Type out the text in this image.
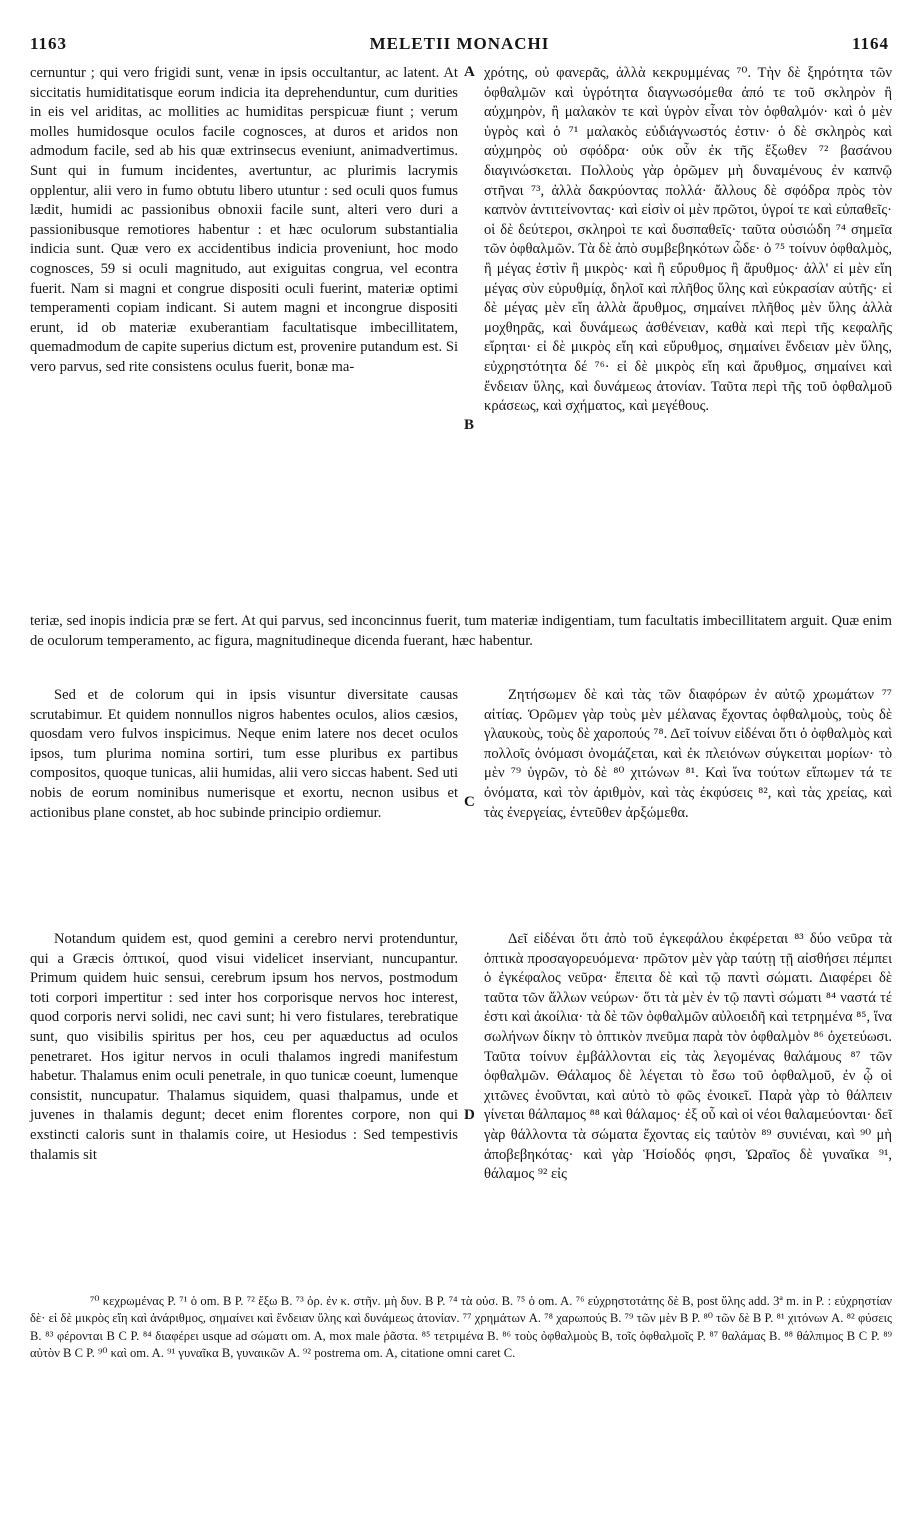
1163	MELETII MONACHI	1164

cernuntur ; qui vero frigidi sunt, venæ in ipsis occultantur, ac latent. At siccitatis humiditatisque eorum indicia ita deprehenduntur, cum durities in eis vel ariditas, ac mollities ac humiditas perspicuæ fiunt ; verum molles humidosque oculos facile cognosces, at duros et aridos non admodum facile, sed ab his quæ extrinsecus eveniunt, animadvertimus. Sunt qui in fumum incidentes, avertuntur, ac plurimis lacrymis opplentur, alii vero in fumo obtutu libero utuntur : sed oculi quos fumus lædit, humidi ac passionibus obnoxii facile sunt, alteri vero duri a passionibusque remotiores habentur : et hæc oculorum substantialia indicia sunt. Quæ vero ex accidentibus indicia proveniunt, hoc modo cognosces, 59 si oculi magnitudo, aut exiguitas congrua, vel econtra fuerit. Nam si magni et congrue dispositi oculi fuerint, materiæ optimi temperamenti copiam indicant. Si autem magni et incongrue dispositi erunt, id ob materiæ exuberantiam facultatisque imbecillitatem, quemadmodum de capite superius dictum est, provenire putandum est. Si vero parvus, sed rite consistens oculus fuerit, bonæ ma-

χρότης, οὐ φανερᾶς, ἀλλὰ κεκρυμμένας ⁷⁰. Τὴν δὲ ξηρότητα τῶν ὀφθαλμῶν καὶ ὑγρότητα διαγνωσόμεθα ἀπό τε τοῦ σκληρὸν ἢ αὐχμηρὸν, ἢ μαλακὸν τε καὶ ὑγρὸν εἶναι τὸν ὀφθαλμόν· καὶ ὁ μὲν ὑγρὸς καὶ ὁ ⁷¹ μαλακὸς εὐδιάγνωστός ἐστιν· ὁ δὲ σκληρὸς καὶ αὐχμηρὸς οὐ σφόδρα· οὐκ οὖν ἐκ τῆς ἔξωθεν ⁷² βασάνου διαγινώσκεται. Πολλοὺς γὰρ ὁρῶμεν μὴ δυναμένους ἐν καπνῷ στῆναι ⁷³, ἀλλὰ δακρύοντας πολλά· ἄλλους δὲ σφόδρα πρὸς τὸν καπνὸν ἀντιτείνοντας· καὶ εἰσὶν οἱ μὲν πρῶτοι, ὑγροί τε καὶ εὐπαθεῖς· οἱ δὲ δεύτεροι, σκληροὶ τε καὶ δυσπαθεῖς· ταῦτα οὐσιώδη ⁷⁴ σημεῖα τῶν ὀφθαλμῶν. Τὰ δὲ ἀπὸ συμβεβηκότων ὧδε· ὁ ⁷⁵ τοίνυν ὀφθαλμὸς, ἢ μέγας ἐστὶν ἢ μικρὸς· καὶ ἢ εὔρυθμος ἢ ἄρυθμος· ἀλλ' εἰ μὲν εἴη μέγας σὺν εὐρυθμίᾳ, δηλοῖ καὶ πλῆθος ὕλης καὶ εὐκρασίαν αὐτῆς· εἰ δὲ μέγας μὲν εἴη ἀλλὰ ἄρυθμος, σημαίνει πλῆθος μὲν ὕλης ἀλλὰ μοχθηρᾶς, καὶ δυνάμεως ἀσθένειαν, καθὰ καὶ περὶ τῆς κεφαλῆς εἴρηται· εἰ δὲ μικρὸς εἴη καὶ εὔρυθμος, σημαίνει ἔνδειαν μὲν ὕλης, εὐχρηστότητα δέ ⁷⁶· εἰ δὲ μικρὸς εἴη καὶ ἄρυθμος, σημαίνει καὶ ἔνδειαν ὕλης, καὶ δυνάμεως ἀτονίαν. Ταῦτα περὶ τῆς τοῦ ὀφθαλμοῦ κράσεως, καὶ σχήματος, καὶ μεγέθους.

teriæ, sed inopis indicia præ se fert. At qui parvus, sed inconcinnus fuerit, tum materiæ indigentiam, tum facultatis imbecillitatem arguit. Quæ enim de oculorum temperamento, ac figura, magnitudineque dicenda fuerant, hæc habentur.

Sed et de colorum qui in ipsis visuntur diversitate causas scrutabimur. Et quidem nonnullos nigros habentes oculos, alios cæsios, quosdam vero fulvos inspicimus. Neque enim latere nos decet oculos ipsos, tum plurima nomina sortiri, tum esse pluribus ex partibus compositos, quoque tunicas, alii humidas, alii vero siccas habent. Sed uti nobis de eorum nominibus numerisque et exortu, necnon usibus et actionibus plane constet, ab hoc subinde principio ordiemur.

Ζητήσωμεν δὲ καὶ τὰς τῶν διαφόρων ἐν αὐτῷ χρωμάτων ⁷⁷ αἰτίας. Ὁρῶμεν γὰρ τοὺς μὲν μέλανας ἔχοντας ὀφθαλμοὺς, τοὺς δὲ γλαυκοὺς, τοὺς δὲ χαροπούς ⁷⁸. Δεῖ τοίνυν εἰδέναι ὅτι ὁ ὀφθαλμὸς καὶ πολλοῖς ὀνόμασι ὀνομάζεται, καὶ ἐκ πλειόνων σύγκειται μορίων· τὸ μὲν ⁷⁹ ὑγρῶν, τὸ δὲ ⁸⁰ χιτώνων ⁸¹. Καὶ ἵνα τούτων εἴπωμεν τά τε ὀνόματα, καὶ τὸν ἀριθμὸν, καὶ τὰς ἐκφύσεις ⁸², καὶ τὰς χρείας, καὶ τὰς ἐνεργείας, ἐντεῦθεν ἀρξώμεθα.

Notandum quidem est, quod gemini a cerebro nervi protenduntur, qui a Græcis ὀπτικοί, quod visui videlicet inserviant, nuncupantur. Primum quidem huic sensui, cerebrum ipsum hos nervos, postmodum toti corpori impertitur : sed inter hos corporisque nervos hoc interest, quod corporis nervi solidi, nec cavi sunt; hi vero fistulares, terebratique sunt, quo visibilis spiritus per hos, ceu per aquæductus ad oculos penetraret. Hos igitur nervos in oculi thalamos ingredi manifestum habetur. Thalamus enim oculi penetrale, in quo tunicæ coeunt, lumenque consistit, nuncupatur. Thalamus siquidem, quasi thalpamus, unde et juvenes in thalamis degunt; decet enim florentes corpore, non qui exstincti caloris sunt in thalamis coire, ut Hesiodus : Sed tempestivis thalamis sit

Δεῖ εἰδέναι ὅτι ἀπὸ τοῦ ἐγκεφάλου ἐκφέρεται ⁸³ δύο νεῦρα τὰ ὀπτικὰ προσαγορευόμενα· πρῶτον μὲν γὰρ ταύτῃ τῇ αἰσθήσει πέμπει ὁ ἐγκέφαλος νεῦρα· ἔπειτα δὲ καὶ τῷ παντὶ σώματι. Διαφέρει δὲ ταῦτα τῶν ἄλλων νεύρων· ὅτι τὰ μὲν ἐν τῷ παντὶ σώματι ⁸⁴ ναστά τέ ἐστι καὶ ἀκοίλια· τὰ δὲ τῶν ὀφθαλμῶν αὐλοειδῆ καὶ τετρημένα ⁸⁵, ἵνα σωλήνων δίκην τὸ ὀπτικὸν πνεῦμα παρὰ τὸν ὀφθαλμὸν ⁸⁶ ὀχετεύωσι. Ταῦτα τοίνυν ἐμβάλλονται εἰς τὰς λεγομένας θαλάμους ⁸⁷ τῶν ὀφθαλμῶν. Θάλαμος δὲ λέγεται τὸ ἔσω τοῦ ὀφθαλμοῦ, ἐν ᾧ οἱ χιτῶνες ἑνοῦνται, καὶ αὐτὸ τὸ φῶς ἐνοικεῖ. Παρὰ γὰρ τὸ θάλπειν γίνεται θάλπαμος ⁸⁸ καὶ θάλαμος· ἐξ οὗ καὶ οἱ νέοι θαλαμεύονται· δεῖ γὰρ θάλλοντα τὰ σώματα ἔχοντας εἰς ταὐτὸν ⁸⁹ συνιέναι, καὶ ⁹⁰ μὴ ἀποβεβηκότας· καὶ γὰρ Ἡσίοδός φησι, Ὡραῖος δὲ γυναῖκα ⁹¹, θάλαμος ⁹² εἰς

A
B
C
D

⁷⁰ κεχρωμένας P. ⁷¹ ὁ om. B P. ⁷² ἔξω B. ⁷³ ὁρ. ἐν κ. στῆν. μὴ δυν. B P. ⁷⁴ τὰ οὐσ. B. ⁷⁵ ὁ om. A. ⁷⁶ εὐχρηστοτάτης δὲ B, post ὕλης add. 3ª m. in P. : εὐχρηστίαν δὲ· εἰ δὲ μικρὸς εἴη καὶ ἀνάριθμος, σημαίνει καὶ ἔνδειαν ὕλης καὶ δυνάμεως ἀτονίαν. ⁷⁷ χρημάτων A. ⁷⁸ χαρωπούς B. ⁷⁹ τῶν μὲν B P. ⁸⁰ τῶν δὲ B P. ⁸¹ χιτόνων A. ⁸² φύσεις B. ⁸³ φέρονται B C P. ⁸⁴ διαφέρει usque ad σώματι om. A, mox male ῥᾶστα. ⁸⁵ τετριμένα B. ⁸⁶ τοὺς ὀφθαλμοὺς B, τοῖς ὀφθαλμοῖς P. ⁸⁷ θαλάμας B. ⁸⁸ θάλπιμος B C P. ⁸⁹ αὐτὸν B C P. ⁹⁰ καὶ om. A. ⁹¹ γυναῖκα B, γυναικῶν A. ⁹² postrema om. A, citatione omni caret C.
